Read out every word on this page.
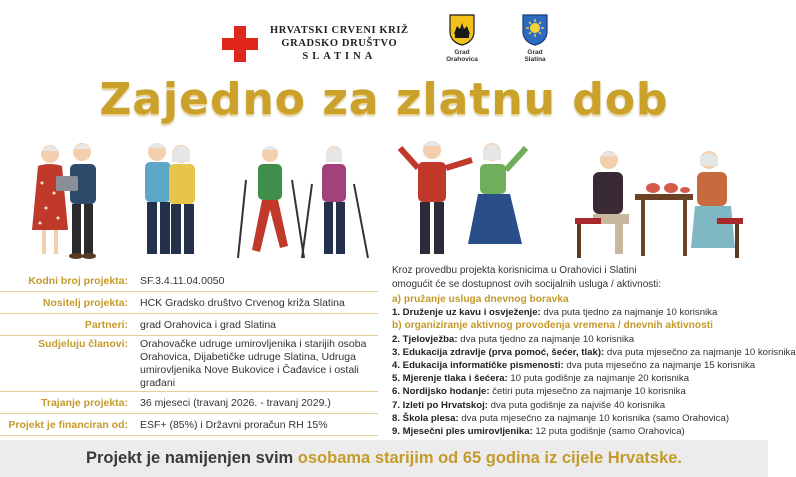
HRVATSKI CRVENI KRIŽ
GRADSKO DRUŠTVO
SLATINA	Grad
Orahovica
Grad
Slatina
Zajedno za zlatnu dob
Kodni broj projekta:	SF.3.4.11.04.0050
Nositelj projekta:	HCK Gradsko društvo Crvenog križa Slatina
Partneri:	grad Orahovica i grad Slatina
Sudjeluju članovi:	Orahovačke udruge umirovljenika i starijih osoba Orahovica, Dijabetičke udruge Slatina, Udruga umirovljenika Nove Bukovice i Čađavice i ostali građani
Trajanje projekta:	36 mjeseci (travanj 2026. - travanj 2029.)
Projekt je financiran od:	ESF+ (85%) i Državni proračun RH 15%
Kroz provedbu projekta korisnicima u Orahovici i Slatini
omogućit će se dostupnost ovih socijalnih usluga / aktivnosti:
a) pružanje usluga dnevnog boravka
1. Druženje uz kavu i osvježenje: dva puta tjedno za najmanje 10 korisnika
b) organiziranje aktivnog provođenja vremena / dnevnih aktivnosti
2. Tjelovježba: dva puta tjedno za najmanje 10 korisnika
3. Edukacija zdravlje (prva pomoć, šećer, tlak): dva puta mjesečno za najmanje 10 korisnika
4. Edukacija informatičke pismenosti: dva puta mjesečno za najmanje 15 korisnika
5. Mjerenje tlaka i šećera: 10 puta godišnje za najmanje 20 korisnika
6. Nordijsko hodanje: četiri puta mjesečno za najmanje 10 korisnika
7. Izleti po Hrvatskoj: dva puta godišnje za najviše 40 korisnika
8. Škola plesa: dva puta mjesečno za najmanje 10 korisnika (samo Orahovica)
9. Mjesečni ples umirovljenika: 12 puta godišnje (samo Orahovica)
Projekt je namijenjen svim osobama starijim od 65 godina iz cijele Hrvatske.
